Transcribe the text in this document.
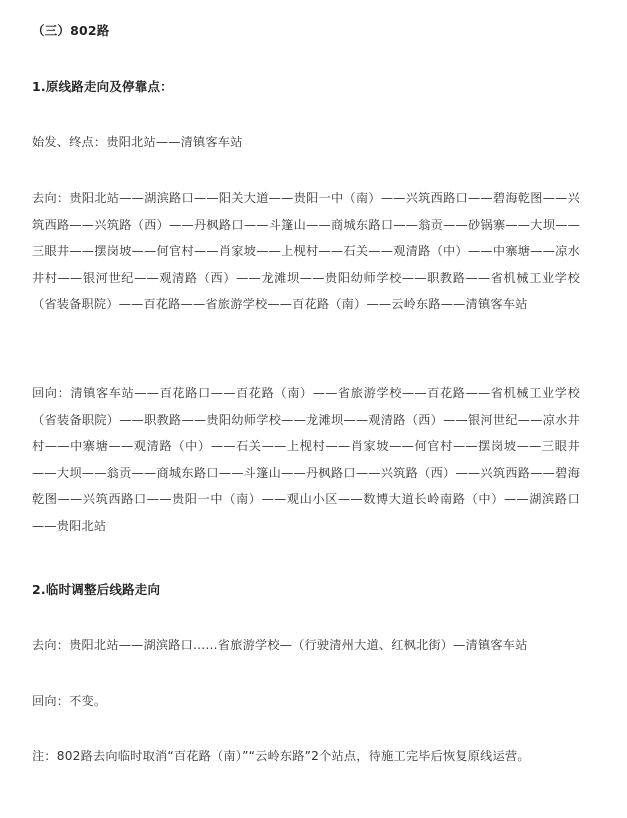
（三）802路

1.原线路走向及停靠点：

始发、终点：贵阳北站——清镇客车站

去向：贵阳北站——湖滨路口——阳关大道——贵阳一中（南）——兴筑西路口——碧海乾图——兴筑西路——兴筑路（西）——丹枫路口——斗篷山——商城东路口——翁贡——砂锅寨——大坝——三眼井——摆岗坡——何官村——肖家坡——上枧村——石关——观清路（中）——中寨塘——凉水井村——银河世纪——观清路（西）——龙滩坝——贵阳幼师学校——职教路——省机械工业学校（省装备职院）——百花路——省旅游学校——百花路（南）——云岭东路——清镇客车站

回向：清镇客车站——百花路口——百花路（南）——省旅游学校——百花路——省机械工业学校（省装备职院）——职教路——贵阳幼师学校——龙滩坝——观清路（西）——银河世纪——凉水井村——中寨塘——观清路（中）——石关——上枧村——肖家坡——何官村——摆岗坡——三眼井——大坝——翁贡——商城东路口——斗篷山——丹枫路口——兴筑路（西）——兴筑西路——碧海乾图——兴筑西路口——贵阳一中（南）——观山小区——数博大道长岭南路（中）——湖滨路口——贵阳北站

2.临时调整后线路走向

去向：贵阳北站——湖滨路口……省旅游学校—（行驶清州大道、红枫北街）—清镇客车站

回向：不变。

注：802路去向临时取消“百花路（南）”“云岭东路”2个站点，待施工完毕后恢复原线运营。
